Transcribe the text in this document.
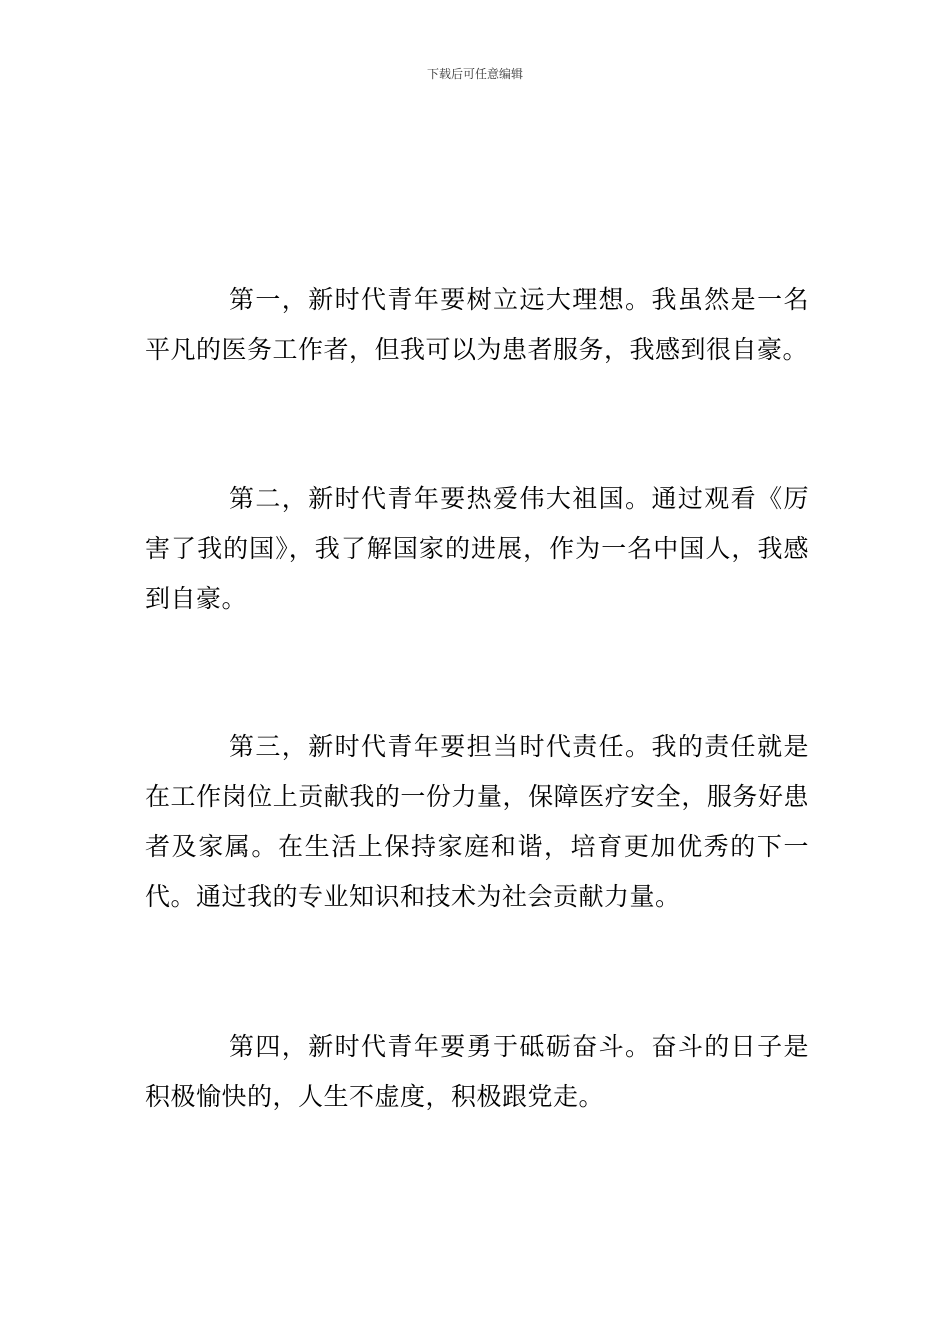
下载后可任意编辑

第一，新时代青年要树立远大理想。我虽然是一名平凡的医务工作者，但我可以为患者服务，我感到很自豪。

第二，新时代青年要热爱伟大祖国。通过观看《厉害了我的国》，我了解国家的进展，作为一名中国人，我感到自豪。

第三，新时代青年要担当时代责任。我的责任就是在工作岗位上贡献我的一份力量，保障医疗安全，服务好患者及家属。在生活上保持家庭和谐，培育更加优秀的下一代。通过我的专业知识和技术为社会贡献力量。

第四，新时代青年要勇于砥砺奋斗。奋斗的日子是积极愉快的，人生不虚度，积极跟党走。
